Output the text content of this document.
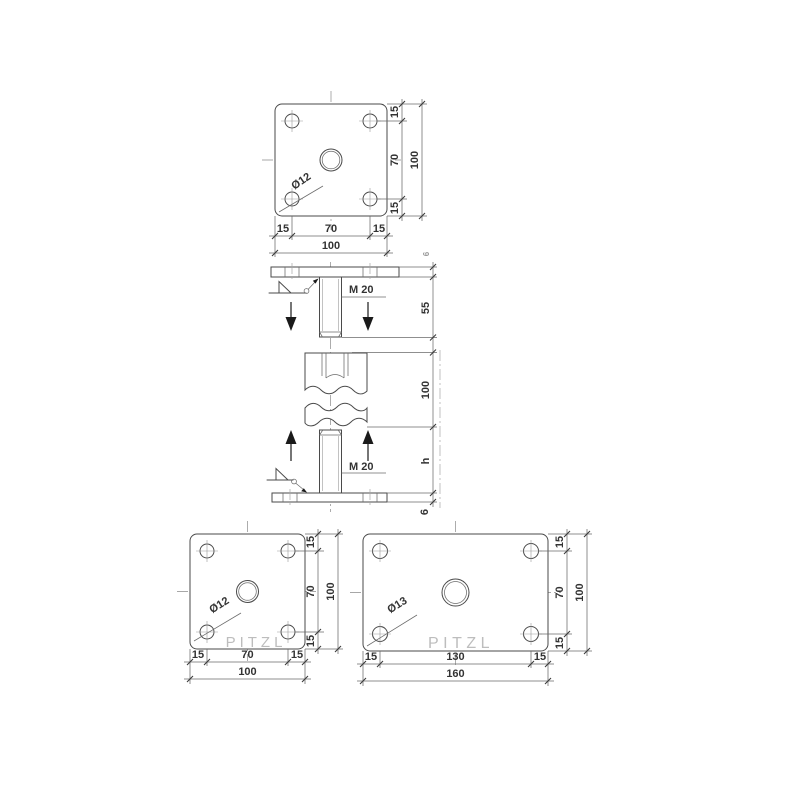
Ø12
15	70	15
100
15
70
15
100
M 20
M 20
6
55
100
h
6
Ø12
PITZL
15	70	15
100
15
70
15
100
Ø13
PITZL
15	130	15
160
15
70
15
100
